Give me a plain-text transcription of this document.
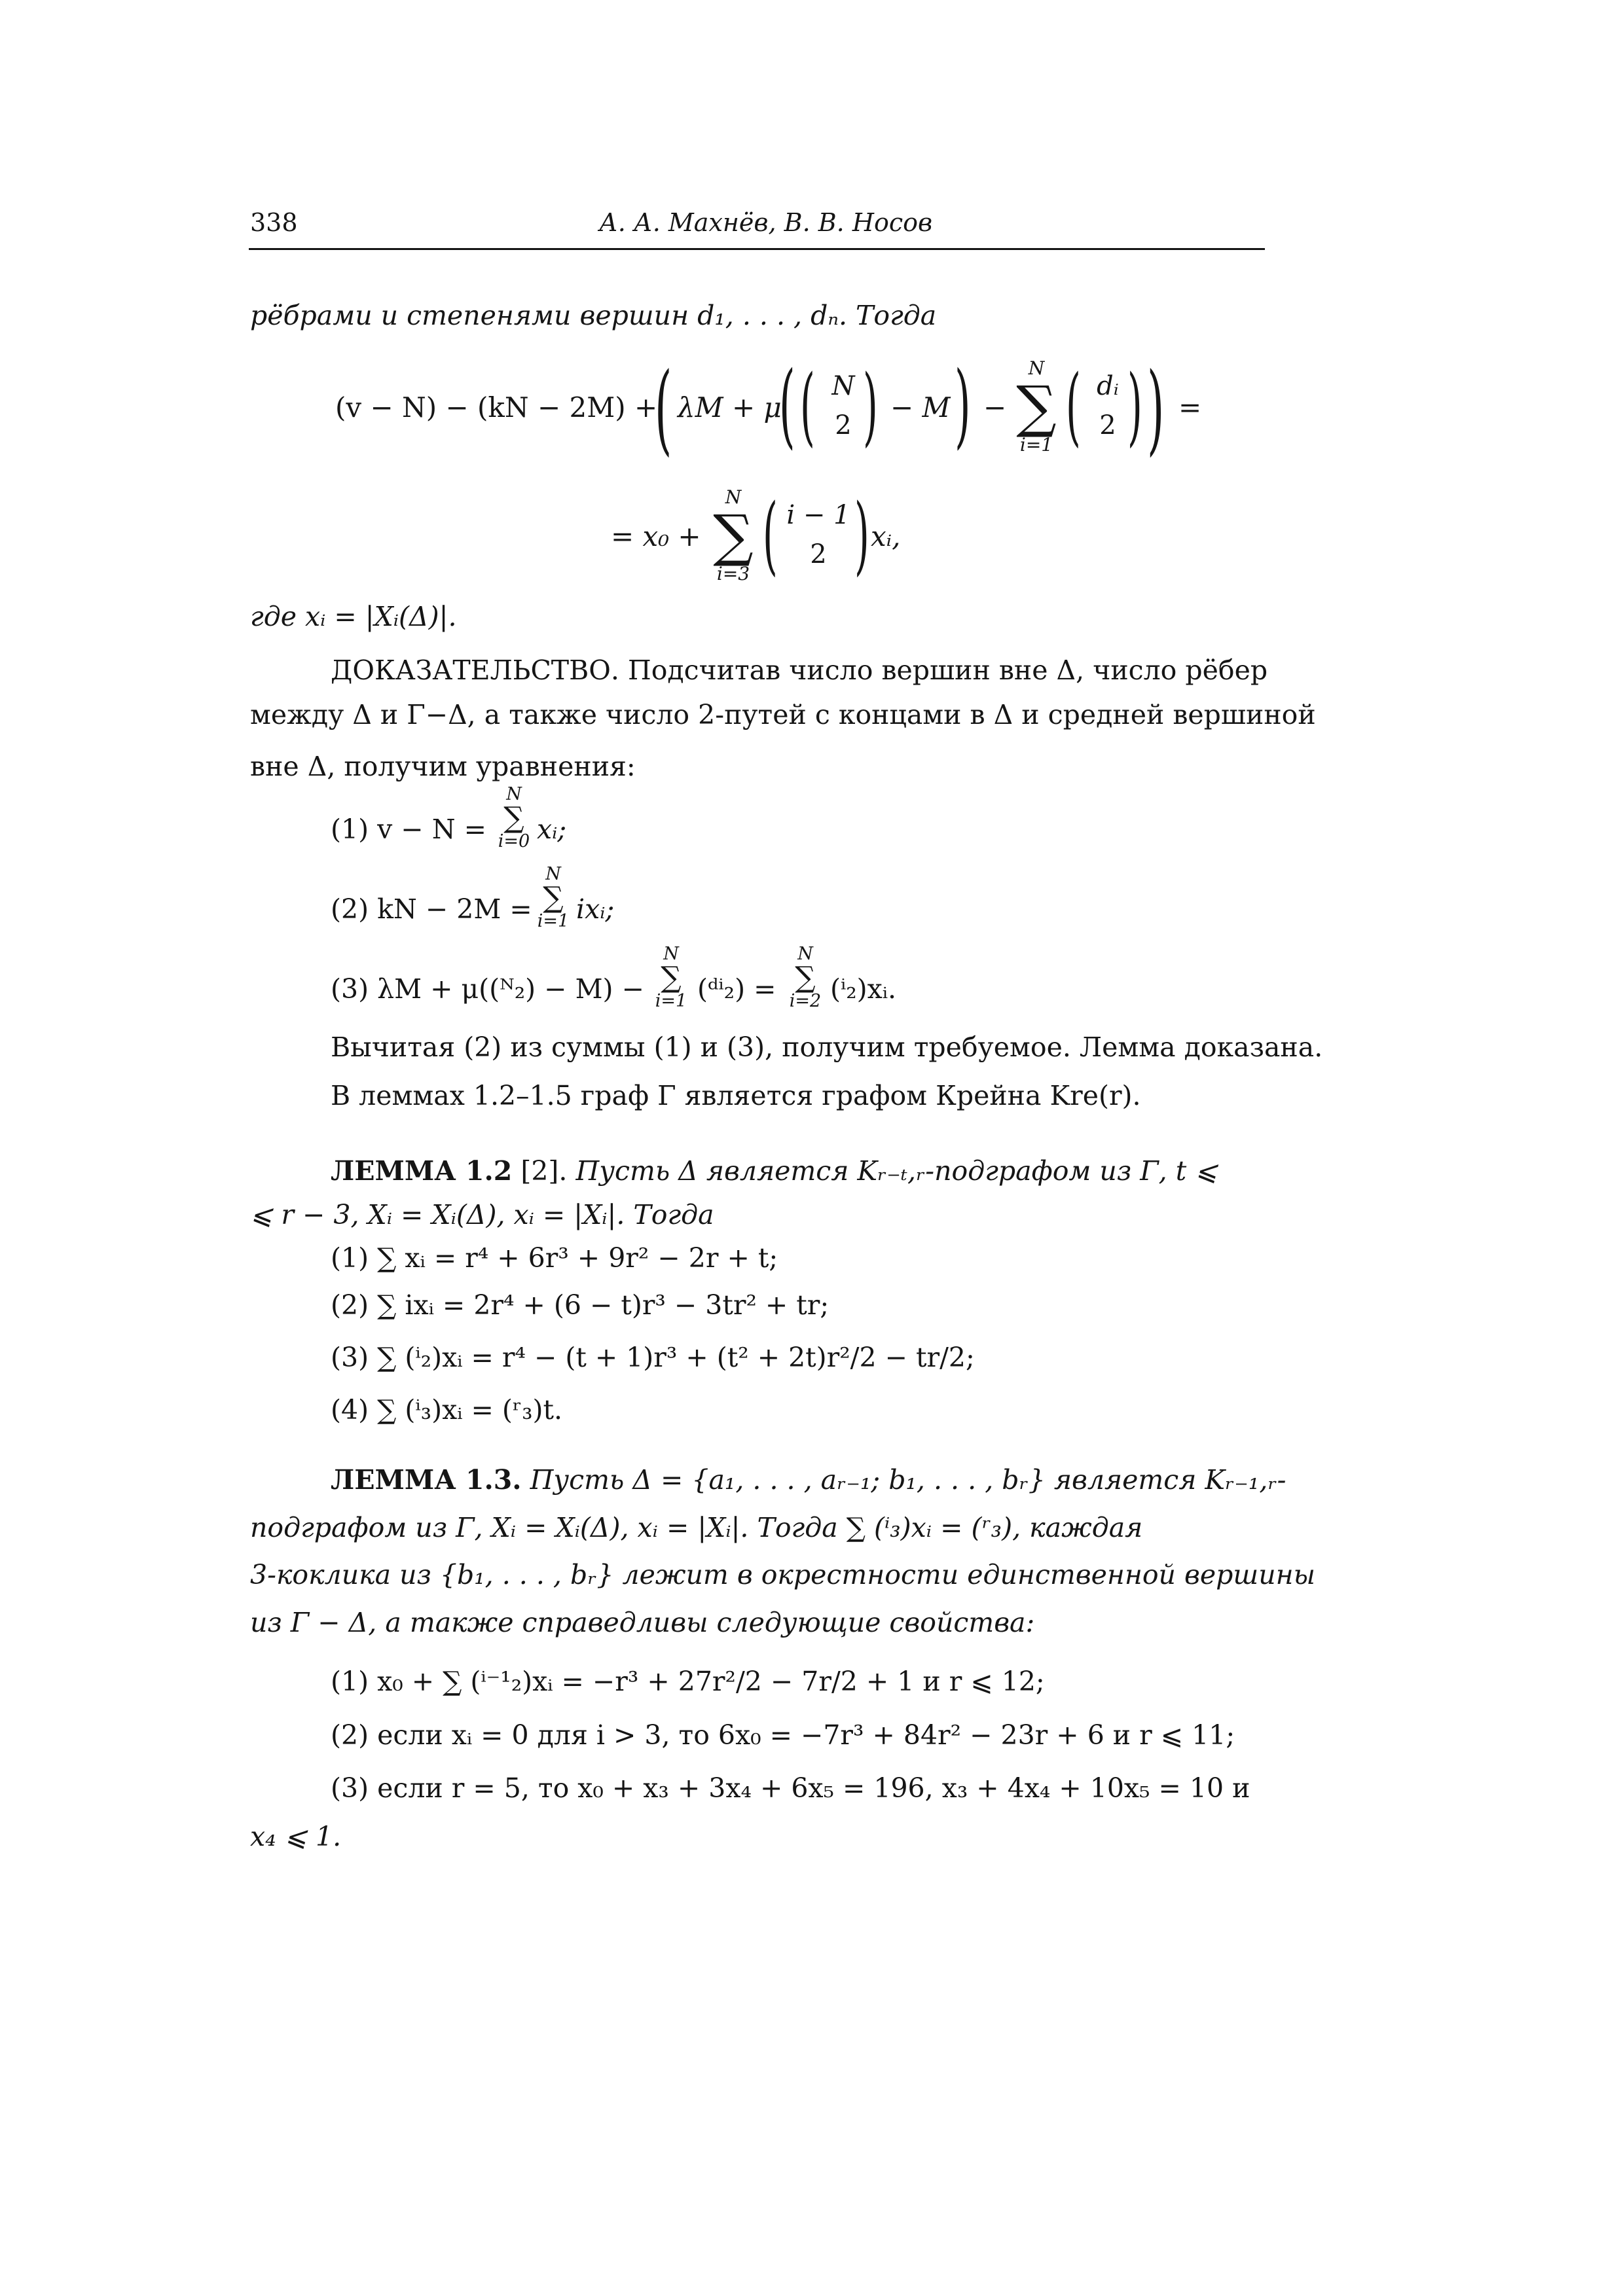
338	А. А. Махнёв, В. В. Носов
рёбрами и степенями вершин d₁, . . . , dₙ. Тогда
(v − N) − (kN − 2M) +
( λM + μ
( ( N
2 ) − M ) −
N
∑
i=1 ( dᵢ
2 ) ) =
= x₀ +
N
∑
i=3 ( i − 1
2 ) xᵢ,
где xᵢ = |Xᵢ(Δ)|.
ДОКАЗАТЕЛЬСТВО. Подсчитав число вершин вне Δ, число рёбер
между Δ и Γ−Δ, а также число 2-путей с концами в Δ и средней вершиной
вне Δ, получим уравнения:
(1) v − N =
N
∑
i=0 xᵢ;
(2) kN − 2M =
N
∑
i=1 ixᵢ;
(3) λM + μ((ᴺ₂) − M) −
N
∑
i=1 (ᵈⁱ₂) =
N
∑
i=2 (ⁱ₂)xᵢ.
Вычитая (2) из суммы (1) и (3), получим требуемое. Лемма доказана.
В леммах 1.2–1.5 граф Γ является графом Крейна Kre(r).
ЛЕММА 1.2 [2]. Пусть Δ является Kᵣ₋ₜ,ᵣ-подграфом из Γ, t ⩽
⩽ r − 3, Xᵢ = Xᵢ(Δ), xᵢ = |Xᵢ|. Тогда
(1) ∑ xᵢ = r⁴ + 6r³ + 9r² − 2r + t;
(2) ∑ ixᵢ = 2r⁴ + (6 − t)r³ − 3tr² + tr;
(3) ∑ (ⁱ₂)xᵢ = r⁴ − (t + 1)r³ + (t² + 2t)r²/2 − tr/2;
(4) ∑ (ⁱ₃)xᵢ = (ʳ₃)t.
ЛЕММА 1.3. Пусть Δ = {a₁, . . . , aᵣ₋₁; b₁, . . . , bᵣ} является Kᵣ₋₁,ᵣ-
подграфом из Γ, Xᵢ = Xᵢ(Δ), xᵢ = |Xᵢ|. Тогда ∑ (ⁱ₃)xᵢ = (ʳ₃), каждая
3-коклика из {b₁, . . . , bᵣ} лежит в окрестности единственной вершины
из Γ − Δ, а также справедливы следующие свойства:
(1) x₀ + ∑ (ⁱ⁻¹₂)xᵢ = −r³ + 27r²/2 − 7r/2 + 1 и r ⩽ 12;
(2) если xᵢ = 0 для i > 3, то 6x₀ = −7r³ + 84r² − 23r + 6 и r ⩽ 11;
(3) если r = 5, то x₀ + x₃ + 3x₄ + 6x₅ = 196, x₃ + 4x₄ + 10x₅ = 10 и
x₄ ⩽ 1.
